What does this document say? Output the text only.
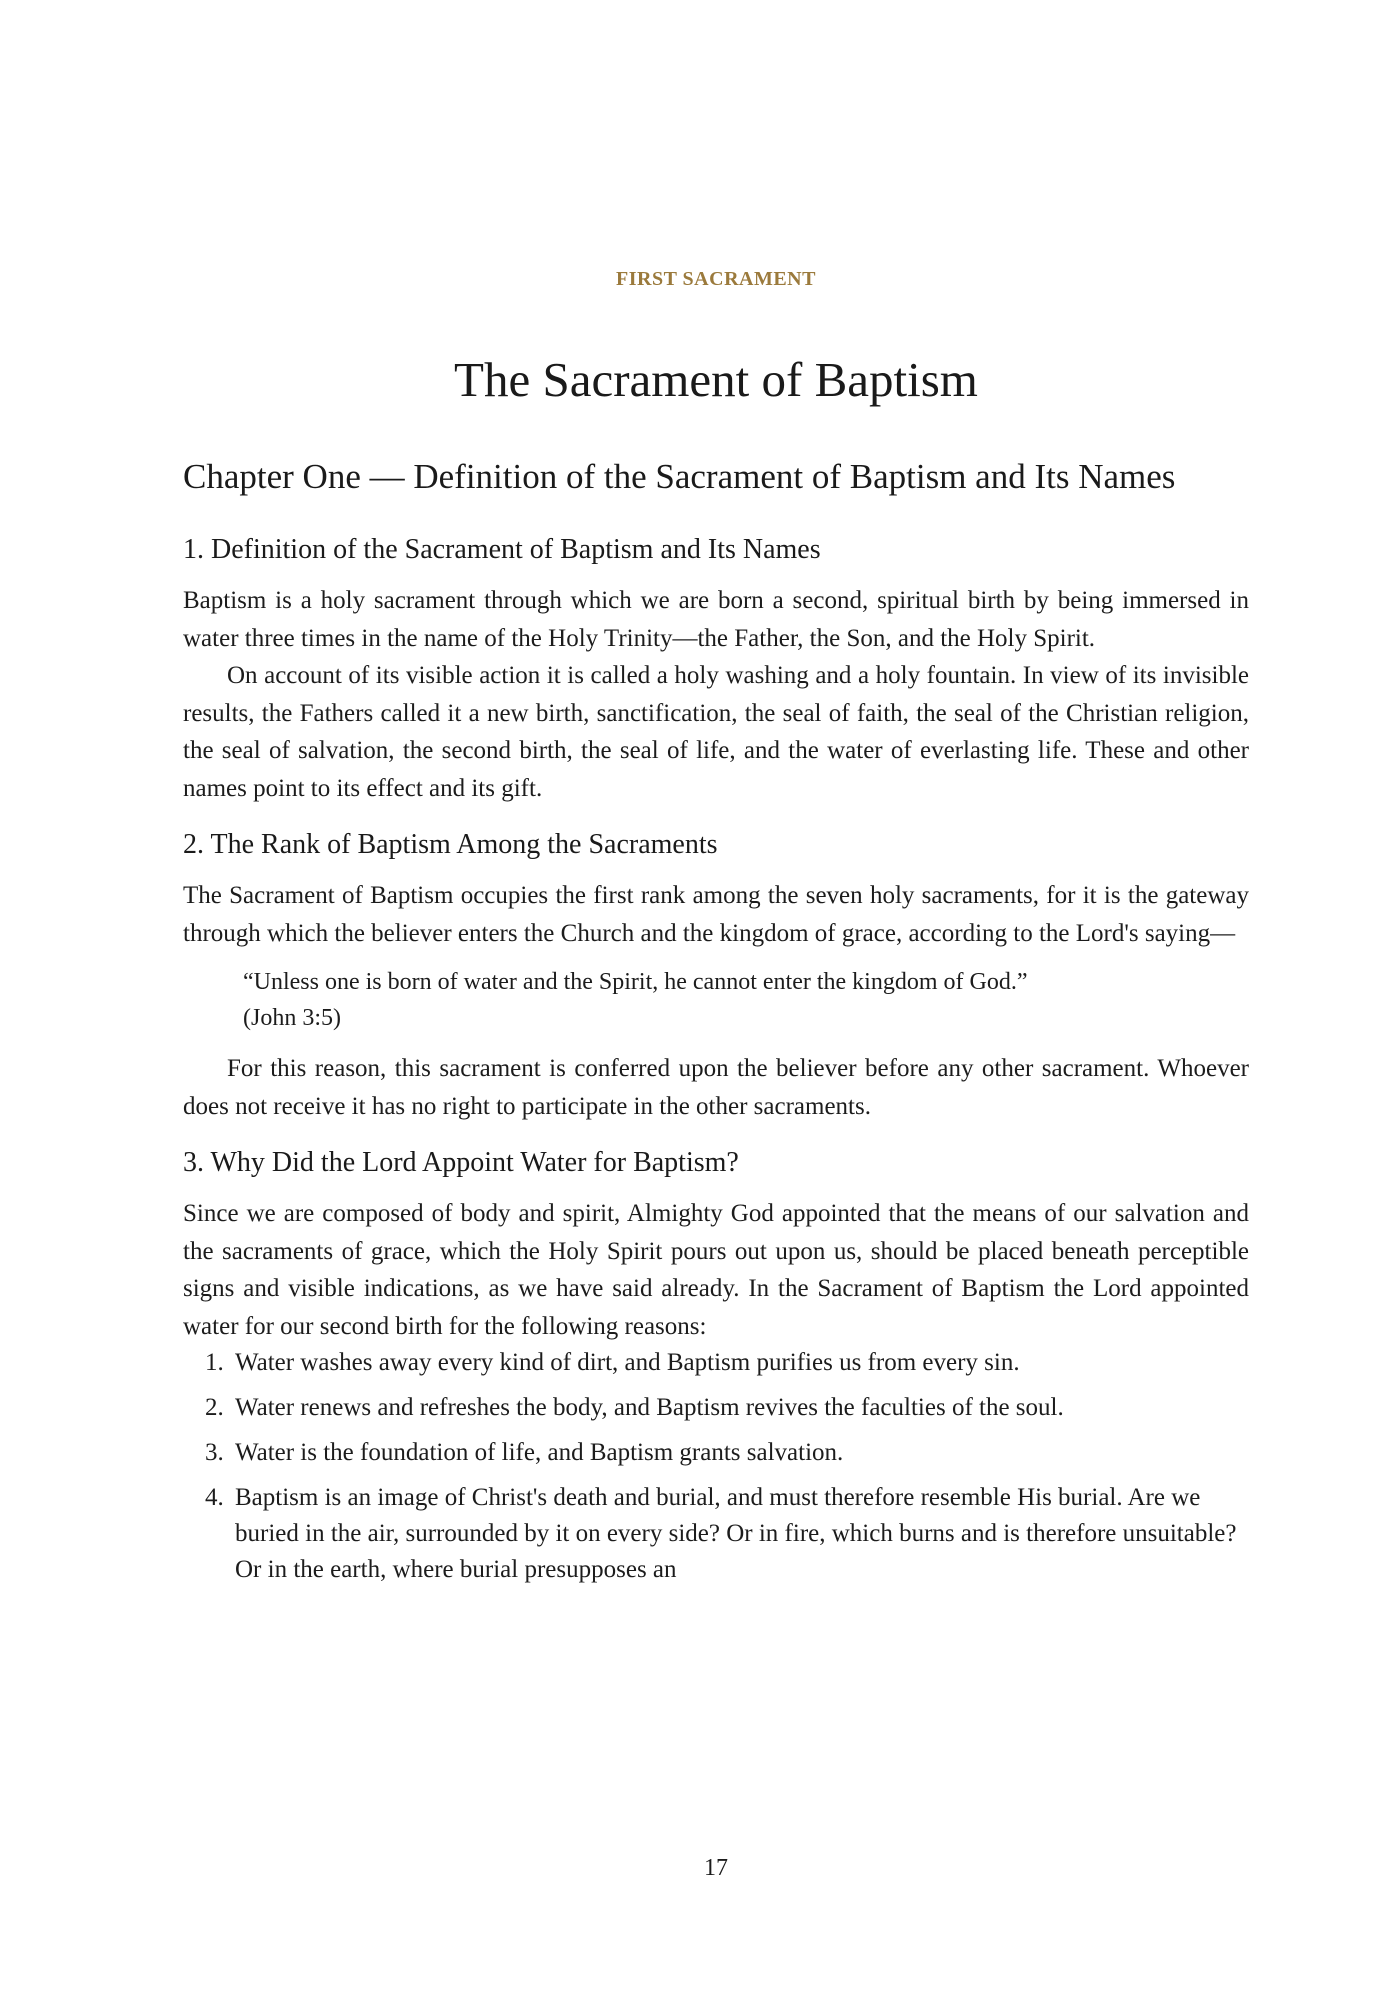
FIRST SACRAMENT
The Sacrament of Baptism
Chapter One — Definition of the Sacrament of Baptism and Its Names
1. Definition of the Sacrament of Baptism and Its Names

Baptism is a holy sacrament through which we are born a second, spiritual birth by being immersed in water three times in the name of the Holy Trinity—the Father, the Son, and the Holy Spirit.

On account of its visible action it is called a holy washing and a holy fountain. In view of its invisible results, the Fathers called it a new birth, sanctification, the seal of faith, the seal of the Christian religion, the seal of salvation, the second birth, the seal of life, and the water of everlasting life. These and other names point to its effect and its gift.

2. The Rank of Baptism Among the Sacraments

The Sacrament of Baptism occupies the first rank among the seven holy sacraments, for it is the gateway through which the believer enters the Church and the kingdom of grace, according to the Lord's saying—

“Unless one is born of water and the Spirit, he cannot enter the kingdom of God.”
(John 3:5)

For this reason, this sacrament is conferred upon the believer before any other sacrament. Whoever does not receive it has no right to participate in the other sacraments.

3. Why Did the Lord Appoint Water for Baptism?

Since we are composed of body and spirit, Almighty God appointed that the means of our salvation and the sacraments of grace, which the Holy Spirit pours out upon us, should be placed beneath perceptible signs and visible indications, as we have said already. In the Sacrament of Baptism the Lord appointed water for our second birth for the following reasons:

1. Water washes away every kind of dirt, and Baptism purifies us from every sin.
2. Water renews and refreshes the body, and Baptism revives the faculties of the soul.
3. Water is the foundation of life, and Baptism grants salvation.
4. Baptism is an image of Christ's death and burial, and must therefore resemble His burial. Are we buried in the air, surrounded by it on every side? Or in fire, which burns and is therefore unsuitable? Or in the earth, where burial presupposes an
17
